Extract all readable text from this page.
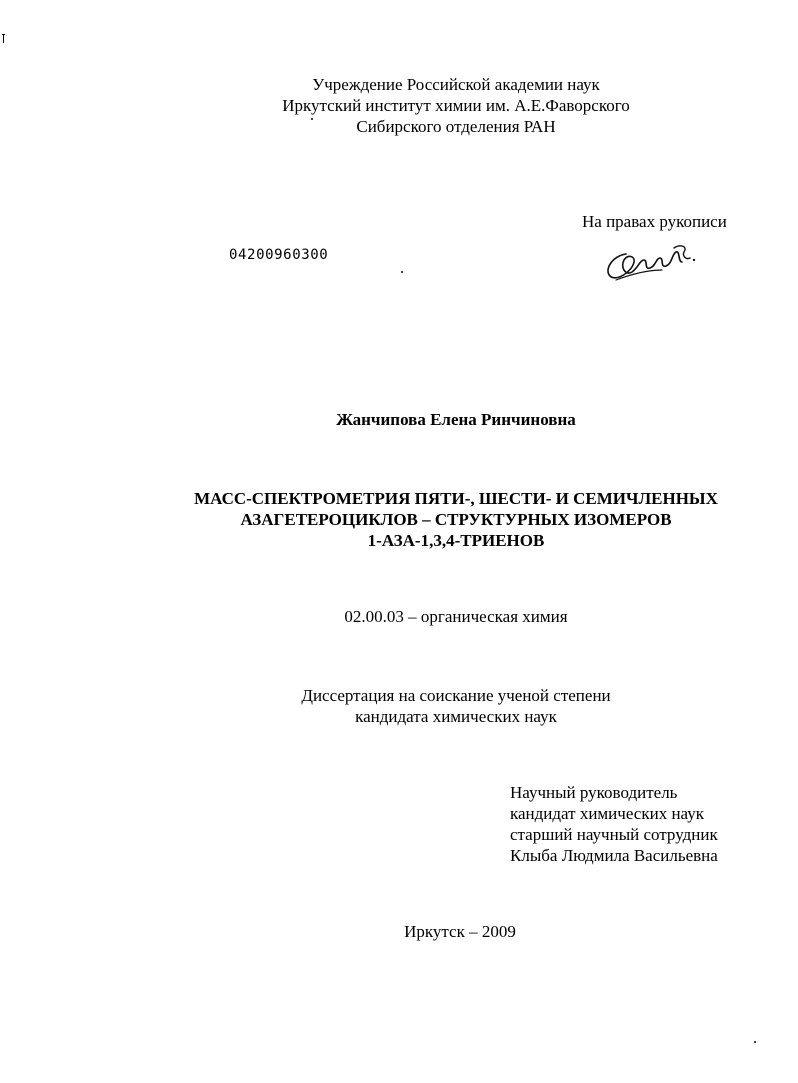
Учреждение Российской академии наук
Иркутский институт химии им. А.Е.Фаворского
Сибирского отделения РАН
На правах рукописи
04200960300
Жанчипова Елена Ринчиновна
МАСС-СПЕКТРОМЕТРИЯ ПЯТИ-, ШЕСТИ- И СЕМИЧЛЕННЫХ
АЗАГЕТЕРОЦИКЛОВ – СТРУКТУРНЫХ ИЗОМЕРОВ
1-АЗА-1,3,4-ТРИЕНОВ
02.00.03 – органическая химия
Диссертация на соискание ученой степени
кандидата химических наук
Научный руководитель
кандидат химических наук
старший научный сотрудник
Клыба Людмила Васильевна
Иркутск – 2009
